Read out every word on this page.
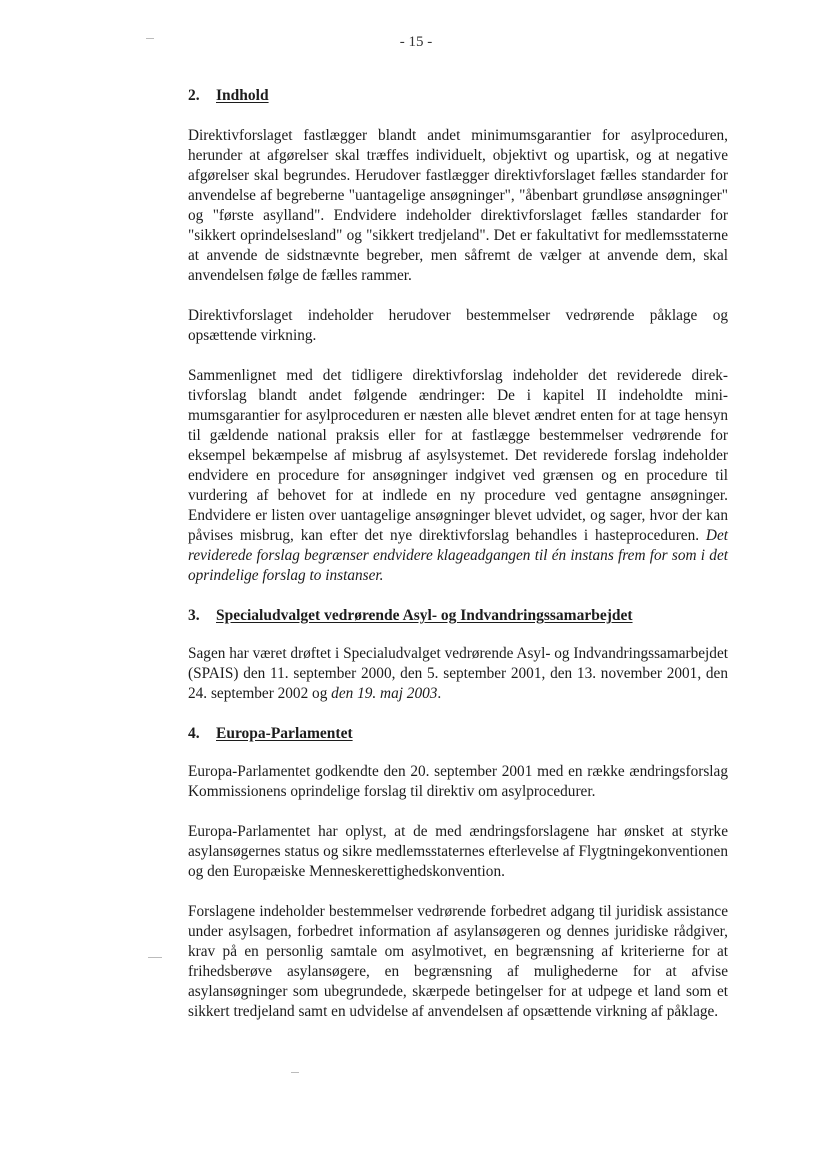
- 15 -
2. Indhold

Direktivforslaget fastlægger blandt andet minimumsgarantier for asylproceduren, herunder at afgørelser skal træffes individuelt, objektivt og upartisk, og at negative afgørelser skal begrundes. Herudover fastlægger direktivforslaget fælles standarder for anvendelse af begreberne "uantagelige ansøgninger", "åbenbart grundløse ansøgninger" og "første asylland". Endvidere indeholder direktivforslaget fælles standarder for "sikkert oprindelsesland" og "sikkert tredjeland". Det er fakultativt for medlemsstaterne at anvende de sidstnævnte begreber, men såfremt de vælger at anvende dem, skal anvendelsen følge de fælles rammer.

Direktivforslaget indeholder herudover bestemmelser vedrørende påklage og opsættende virkning.

Sammenlignet med det tidligere direktivforslag indeholder det reviderede direktivforslag blandt andet følgende ændringer: De i kapitel II indeholdte minimumsgarantier for asylproceduren er næsten alle blevet ændret enten for at tage hensyn til gældende national praksis eller for at fastlægge bestemmelser vedrørende for eksempel bekæmpelse af misbrug af asylsystemet. Det reviderede forslag indeholder endvidere en procedure for ansøgninger indgivet ved grænsen og en procedure til vurdering af behovet for at indlede en ny procedure ved gentagne ansøgninger. Endvidere er listen over uantagelige ansøgninger blevet udvidet, og sager, hvor der kan påvises misbrug, kan efter det nye direktivforslag behandles i hasteproceduren. Det reviderede forslag begrænser endvidere klageadgangen til én instans frem for som i det oprindelige forslag to instanser.

3. Specialudvalget vedrørende Asyl- og Indvandringssamarbejdet

Sagen har været drøftet i Specialudvalget vedrørende Asyl- og Indvandringssamarbejdet (SPAIS) den 11. september 2000, den 5. september 2001, den 13. november 2001, den 24. september 2002 og den 19. maj 2003.

4. Europa-Parlamentet

Europa-Parlamentet godkendte den 20. september 2001 med en række ændringsforslag Kommissionens oprindelige forslag til direktiv om asylprocedurer.

Europa-Parlamentet har oplyst, at de med ændringsforslagene har ønsket at styrke asylansøgernes status og sikre medlemsstaternes efterlevelse af Flygtningekonventionen og den Europæiske Menneskerettighedskonvention.

Forslagene indeholder bestemmelser vedrørende forbedret adgang til juridisk assistance under asylsagen, forbedret information af asylansøgeren og dennes juridiske rådgiver, krav på en personlig samtale om asylmotivet, en begrænsning af kriterierne for at frihedsberøve asylansøgere, en begrænsning af mulighederne for at afvise asylansøgninger som ubegrundede, skærpede betingelser for at udpege et land som et sikkert tredjeland samt en udvidelse af anvendelsen af opsættende virkning af påklage.
